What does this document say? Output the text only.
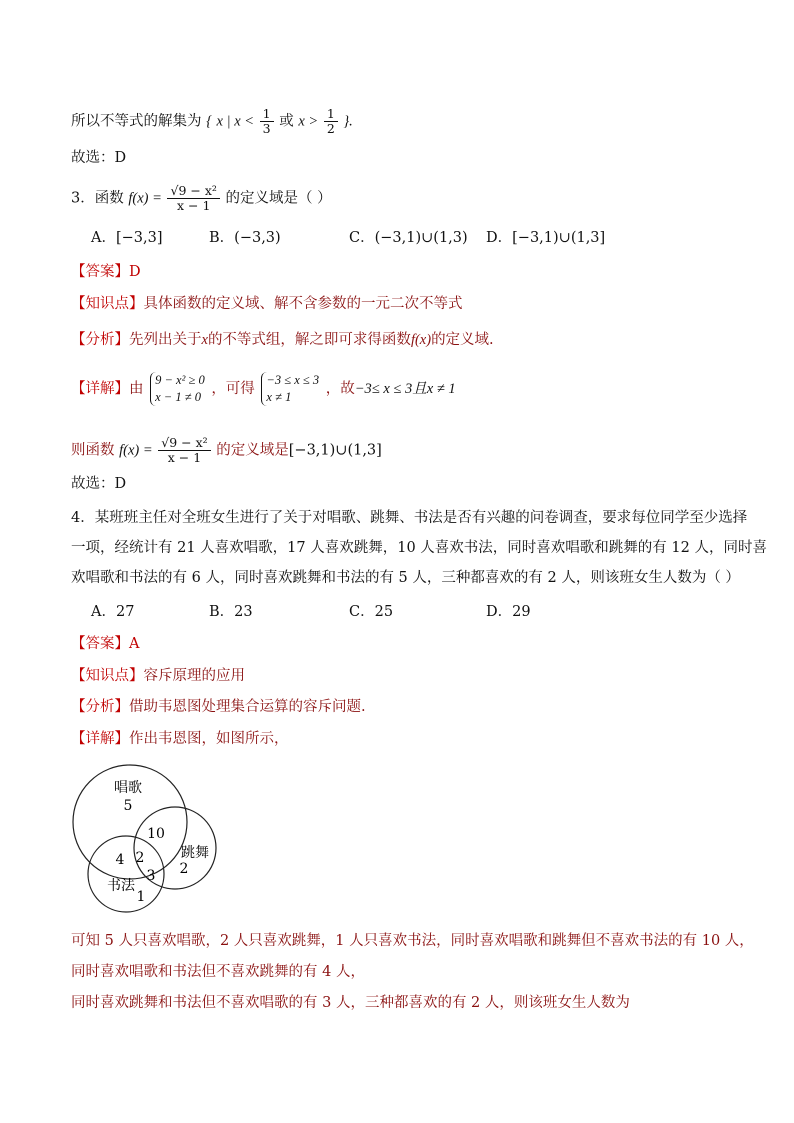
所以不等式的解集为 { x | $x < \frac{1}{3}$ 或 $x > \frac{1}{2}$ }.
故选：D
3．函数 $f(x) = \frac{\text{√9 − x²}}{x - 1}$ 的定义域是（ ）
A．[−3,3]	B．(−3,3)	C．(−3,1)∪(1,3) D．[−3,1)∪(1,3]
【答案】D
【知识点】具体函数的定义域、解不含参数的一元二次不等式
【分析】先列出关于x的不等式组，解之即可求得函数f(x)的定义域.
【详解】由
9 − x² ≥ 0
x − 1 ≠ 0 ，可得
−3 ≤ x ≤ 3
x ≠ 1	，故−3≤ x ≤ 3且x ≠ 1
则函数 $f(x) = \frac{\text{√9 − x²}}{x - 1}$ 的定义域是[−3,1)∪(1,3]
故选：D
4．某班班主任对全班女生进行了关于对唱歌、跳舞、书法是否有兴趣的问卷调查，要求每位同学至少选择
一项，经统计有 21 人喜欢唱歌，17 人喜欢跳舞，10 人喜欢书法，同时喜欢唱歌和跳舞的有 12 人，同时喜
欢唱歌和书法的有 6 人，同时喜欢跳舞和书法的有 5 人，三种都喜欢的有 2 人，则该班女生人数为（ ）
A．27	B．23	C．25	D．29
【答案】A
【知识点】容斥原理的应用
【分析】借助韦恩图处理集合运算的容斥问题.
【详解】作出韦恩图，如图所示，
唱歌
5
10
跳舞
2
4 2
3
书法
1
可知 5 人只喜欢唱歌，2 人只喜欢跳舞，1 人只喜欢书法，同时喜欢唱歌和跳舞但不喜欢书法的有 10 人，
同时喜欢唱歌和书法但不喜欢跳舞的有 4 人，
同时喜欢跳舞和书法但不喜欢唱歌的有 3 人，三种都喜欢的有 2 人，则该班女生人数为
